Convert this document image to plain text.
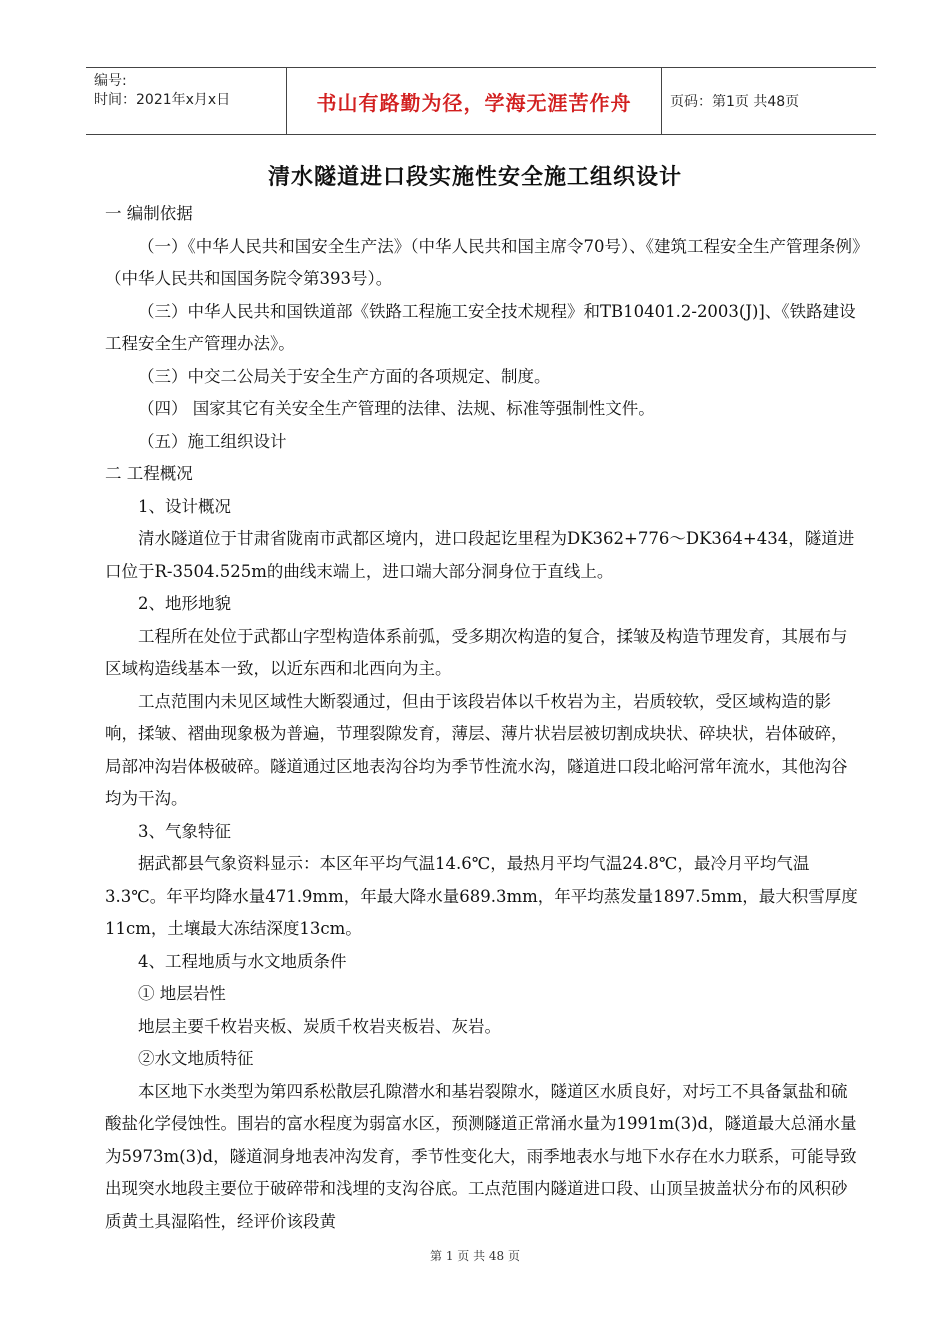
编号:
时间：2021年x月x日	书山有路勤为径，学海无涯苦作舟	页码：第1页 共48页
清水隧道进口段实施性安全施工组织设计

一 编制依据

（一）《中华人民共和国安全生产法》（中华人民共和国主席令70号）、《建筑工程安全生产管理条例》（中华人民共和国国务院令第393号）。

（三）中华人民共和国铁道部《铁路工程施工安全技术规程》和TB10401.2-2003(J)]、《铁路建设工程安全生产管理办法》。

（三）中交二公局关于安全生产方面的各项规定、制度。

（四） 国家其它有关安全生产管理的法律、法规、标准等强制性文件。

（五）施工组织设计

二 工程概况

1、设计概况

清水隧道位于甘肃省陇南市武都区境内，进口段起讫里程为DK362+776～DK364+434，隧道进口位于R-3504.525m的曲线末端上，进口端大部分洞身位于直线上。

2、地形地貌

工程所在处位于武都山字型构造体系前弧，受多期次构造的复合，揉皱及构造节理发育，其展布与区域构造线基本一致，以近东西和北西向为主。

工点范围内未见区域性大断裂通过，但由于该段岩体以千枚岩为主，岩质较软，受区域构造的影响，揉皱、褶曲现象极为普遍，节理裂隙发育，薄层、薄片状岩层被切割成块状、碎块状，岩体破碎，局部冲沟岩体极破碎。隧道通过区地表沟谷均为季节性流水沟，隧道进口段北峪河常年流水，其他沟谷均为干沟。

3、气象特征

据武都县气象资料显示：本区年平均气温14.6℃，最热月平均气温24.8℃，最冷月平均气温3.3℃。年平均降水量471.9mm，年最大降水量689.3mm，年平均蒸发量1897.5mm，最大积雪厚度11cm，土壤最大冻结深度13cm。

4、工程地质与水文地质条件

① 地层岩性

地层主要千枚岩夹板、炭质千枚岩夹板岩、灰岩。

②水文地质特征

本区地下水类型为第四系松散层孔隙潜水和基岩裂隙水，隧道区水质良好，对圬工不具备氯盐和硫酸盐化学侵蚀性。围岩的富水程度为弱富水区，预测隧道正常涌水量为1991m(3)d，隧道最大总涌水量为5973m(3)d，隧道洞身地表冲沟发育，季节性变化大，雨季地表水与地下水存在水力联系，可能导致出现突水地段主要位于破碎带和浅埋的支沟谷底。工点范围内隧道进口段、山顶呈披盖状分布的风积砂质黄土具湿陷性，经评价该段黄

第 1 页 共 48 页
